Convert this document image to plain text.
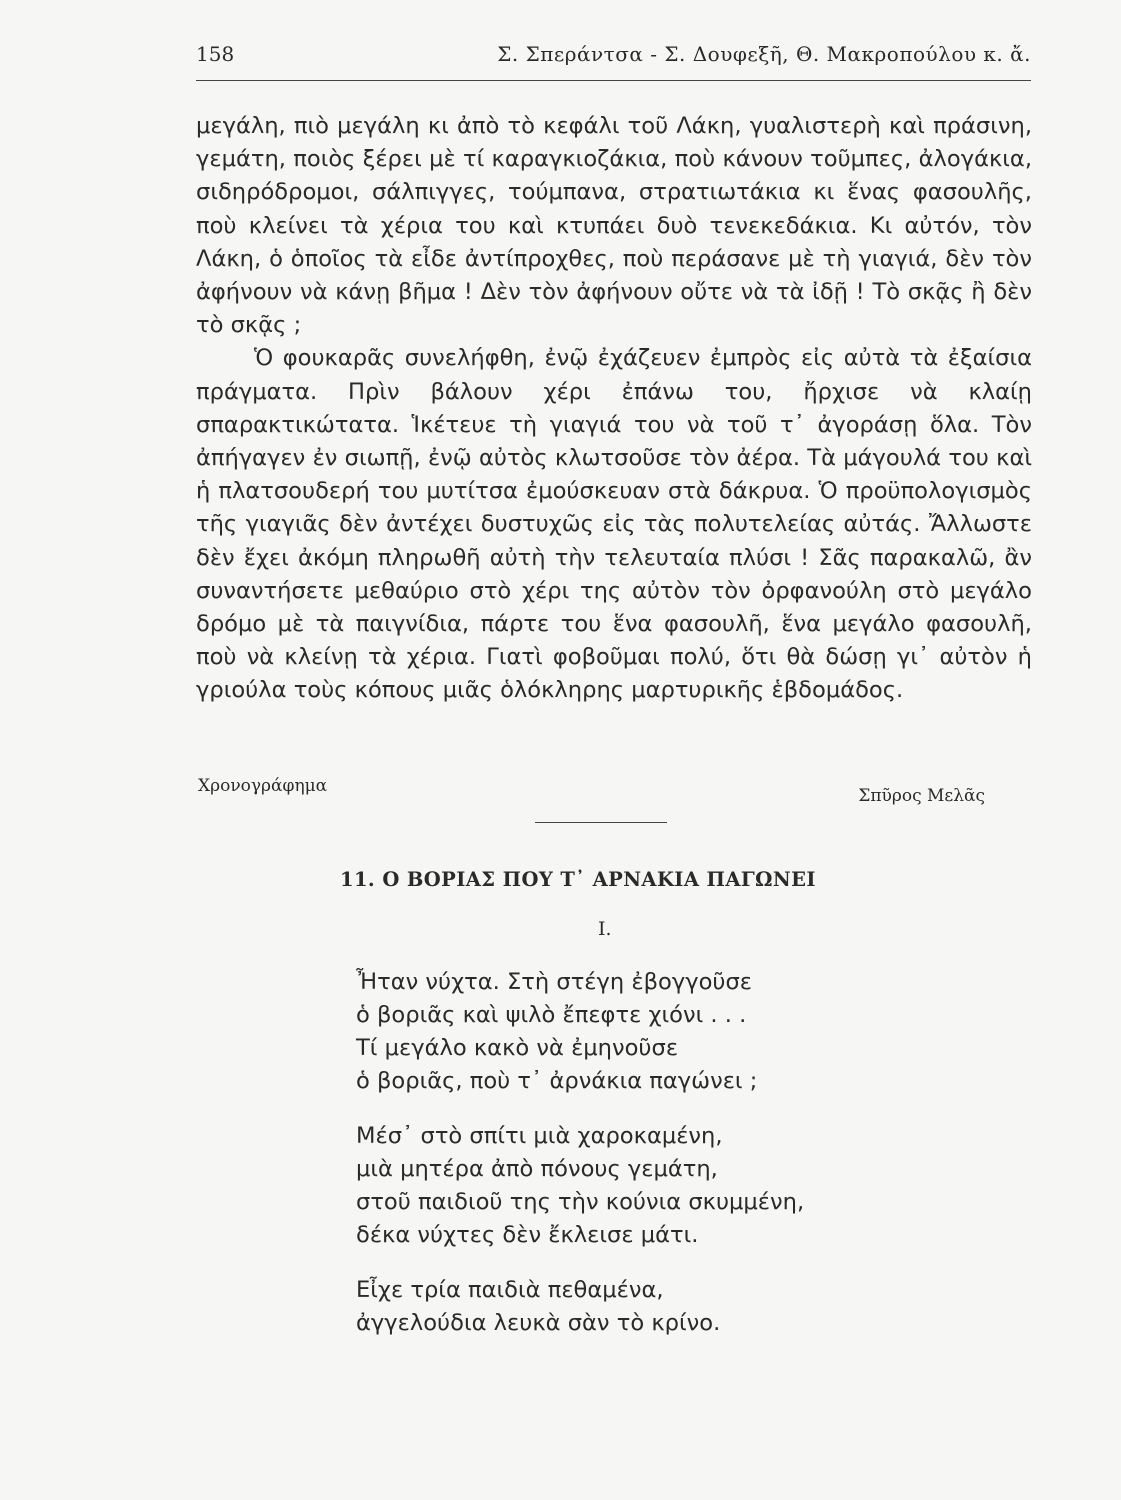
158	Σ. Σπεράντσα - Σ. Δουφεξῆ, Θ. Μακροπούλου κ. ἄ.

μεγάλη, πιὸ μεγάλη κι ἀπὸ τὸ κεφάλι τοῦ Λάκη, γυαλιστερὴ καὶ πράσινη, γεμάτη, ποιὸς ξέρει μὲ τί καραγκιοζάκια, ποὺ κάνουν τοῦμπες, ἀλογάκια, σιδηρόδρομοι, σάλπιγγες, τούμπανα, στρατιωτάκια κι ἕνας φασουλῆς, ποὺ κλείνει τὰ χέρια του καὶ κτυπάει δυὸ τενεκεδάκια. Κι αὐτόν, τὸν Λάκη, ὁ ὁποῖος τὰ εἶδε ἀντίπροχθες, ποὺ περάσανε μὲ τὴ γιαγιά, δὲν τὸν ἀφήνουν νὰ κάνῃ βῆμα ! Δὲν τὸν ἀφήνουν οὔτε νὰ τὰ ἰδῇ ! Τὸ σκᾷς ἢ δὲν τὸ σκᾷς ;

Ὁ φουκαρᾶς συνελήφθη, ἐνῷ ἐχάζευεν ἐμπρὸς εἰς αὐτὰ τὰ ἐξαίσια πράγματα. Πρὶν βάλουν χέρι ἐπάνω του, ἤρχισε νὰ κλαίῃ σπαρακτικώτατα. Ἱκέτευε τὴ γιαγιά του νὰ τοῦ τ᾿ ἀγοράσῃ ὅλα. Τὸν ἀπήγαγεν ἐν σιωπῇ, ἐνῷ αὐτὸς κλωτσοῦσε τὸν ἀέρα. Τὰ μάγουλά του καὶ ἡ πλατσουδερή του μυτίτσα ἐμούσκευαν στὰ δάκρυα. Ὁ προϋπολογισμὸς τῆς γιαγιᾶς δὲν ἀντέχει δυστυχῶς εἰς τὰς πολυτελείας αὐτάς. Ἄλλωστε δὲν ἔχει ἀκόμη πληρωθῆ αὐτὴ τὴν τελευταία πλύσι ! Σᾶς παρακαλῶ, ἂν συναντήσετε μεθαύριο στὸ χέρι της αὐτὸν τὸν ὀρφανούλη στὸ μεγάλο δρόμο μὲ τὰ παιγνίδια, πάρτε του ἕνα φασουλῆ, ἕνα μεγάλο φασουλῆ, ποὺ νὰ κλείνῃ τὰ χέρια. Γιατὶ φοβοῦμαι πολύ, ὅτι θὰ δώσῃ γι᾿ αὐτὸν ἡ γριούλα τοὺς κόπους μιᾶς ὁλόκληρης μαρτυρικῆς ἑβδομάδος.

Χρονογράφημα	Σπῦρος Μελᾶς
11. Ο ΒΟΡΙΑΣ ΠΟΥ Τ᾿ ΑΡΝΑΚΙΑ ΠΑΓΩΝΕΙ
I.
Ἦταν νύχτα. Στὴ στέγη ἐβογγοῦσε
ὁ βοριᾶς καὶ ψιλὸ ἔπεφτε χιόνι . . .
Τί μεγάλο κακὸ νὰ ἐμηνοῦσε
ὁ βοριᾶς, ποὺ τ᾿ ἀρνάκια παγώνει ;
Μέσ᾿ στὸ σπίτι μιὰ χαροκαμένη,
μιὰ μητέρα ἀπὸ πόνους γεμάτη,
στοῦ παιδιοῦ της τὴν κούνια σκυμμένη,
δέκα νύχτες δὲν ἔκλεισε μάτι.
Εἶχε τρία παιδιὰ πεθαμένα,
ἀγγελούδια λευκὰ σὰν τὸ κρίνο.
